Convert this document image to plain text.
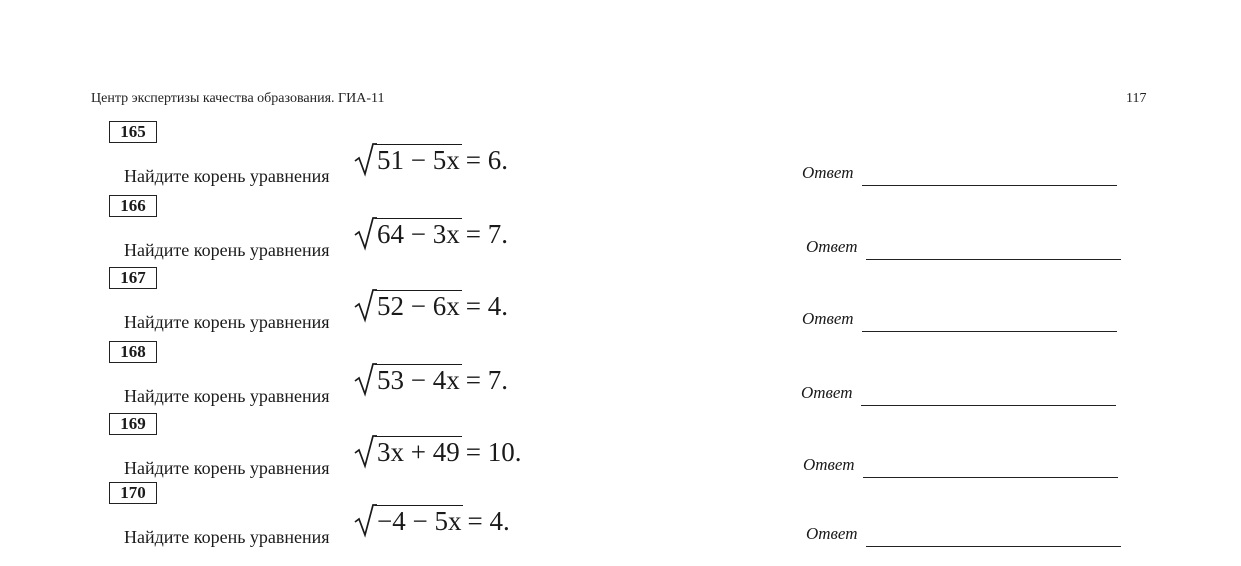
Центр экспертизы качества образования. ГИА-11	117
165
Найдите корень уравнения
51 − 5x= 6.	Ответ
166
Найдите корень уравнения
64 − 3x= 7.	Ответ
167
Найдите корень уравнения
52 − 6x= 4.	Ответ
168
Найдите корень уравнения
53 − 4x= 7.	Ответ
169
Найдите корень уравнения
3x + 49= 10.	Ответ
170
Найдите корень уравнения
−4 − 5x= 4.	Ответ
